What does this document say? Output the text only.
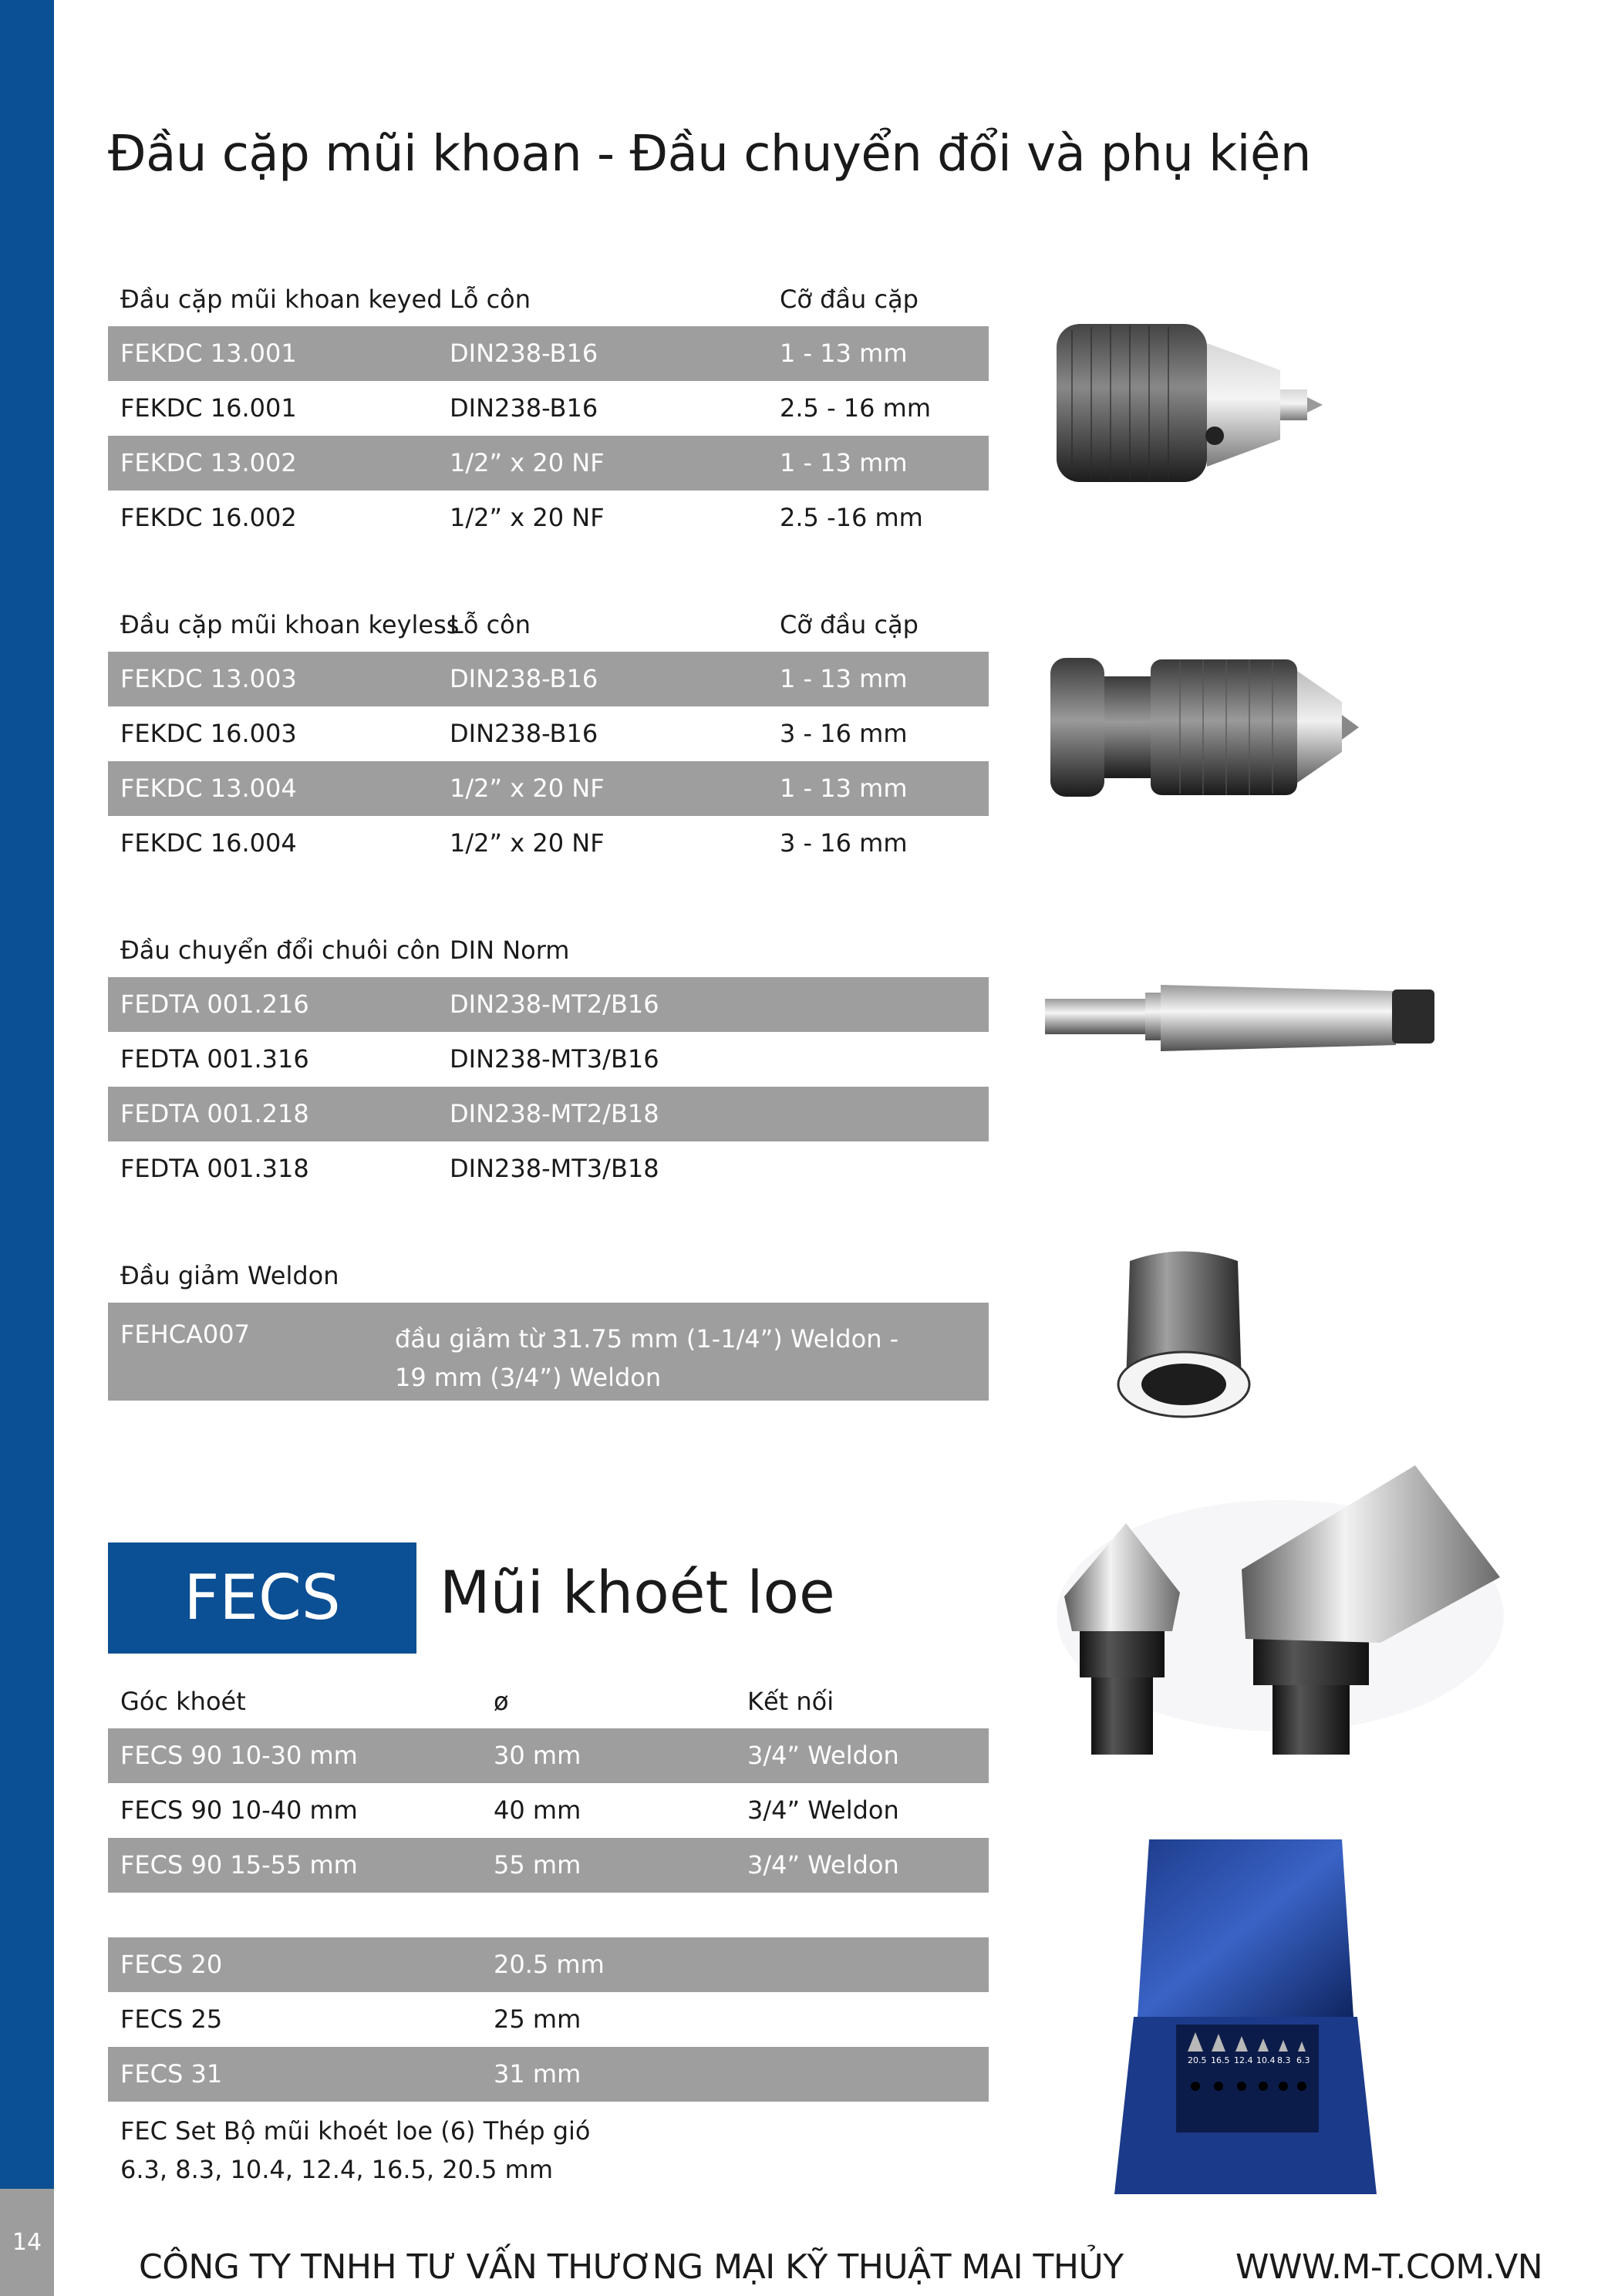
14
Đầu cặp mũi khoan - Đầu chuyển đổi và phụ kiện
Đầu cặp mũi khoan keyed Lỗ côn	Cỡ đầu cặp
FEKDC 13.001	DIN238-B16	1 - 13 mm
FEKDC 16.001	DIN238-B16	2.5 - 16 mm
FEKDC 13.002	1/2” x 20 NF	1 - 13 mm
FEKDC 16.002	1/2” x 20 NF	2.5 -16 mm
Đầu cặp mũi khoan keyless
Lỗ côn	Cỡ đầu cặp
FEKDC 13.003	DIN238-B16	1 - 13 mm
FEKDC 16.003	DIN238-B16	3 - 16 mm
FEKDC 13.004	1/2” x 20 NF	1 - 13 mm
FEKDC 16.004	1/2” x 20 NF	3 - 16 mm
Đầu chuyển đổi chuôi côn DIN Norm
FEDTA 001.216	DIN238-MT2/B16
FEDTA 001.316	DIN238-MT3/B16
FEDTA 001.218	DIN238-MT2/B18
FEDTA 001.318	DIN238-MT3/B18
Đầu giảm Weldon
FEHCA007	đầu giảm từ 31.75 mm (1-1/4”) Weldon -
19 mm (3/4”) Weldon
FECS	Mũi khoét loe
Góc khoét	ø	Kết nối
FECS 90 10-30 mm	30 mm	3/4” Weldon
FECS 90 10-40 mm	40 mm	3/4” Weldon
FECS 90 15-55 mm	55 mm	3/4” Weldon
FECS 20	20.5 mm
FECS 25	25 mm
FECS 31	31 mm
FEC Set Bộ mũi khoét loe (6) Thép gió
6.3, 8.3, 10.4, 12.4, 16.5, 20.5 mm
20.5 16.5 12.4 10.4 8.3 6.3
CÔNG TY TNHH TƯ VẤN THƯƠNG MẠI KỸ THUẬT MAI THỦY	WWW.M-T.COM.VN
